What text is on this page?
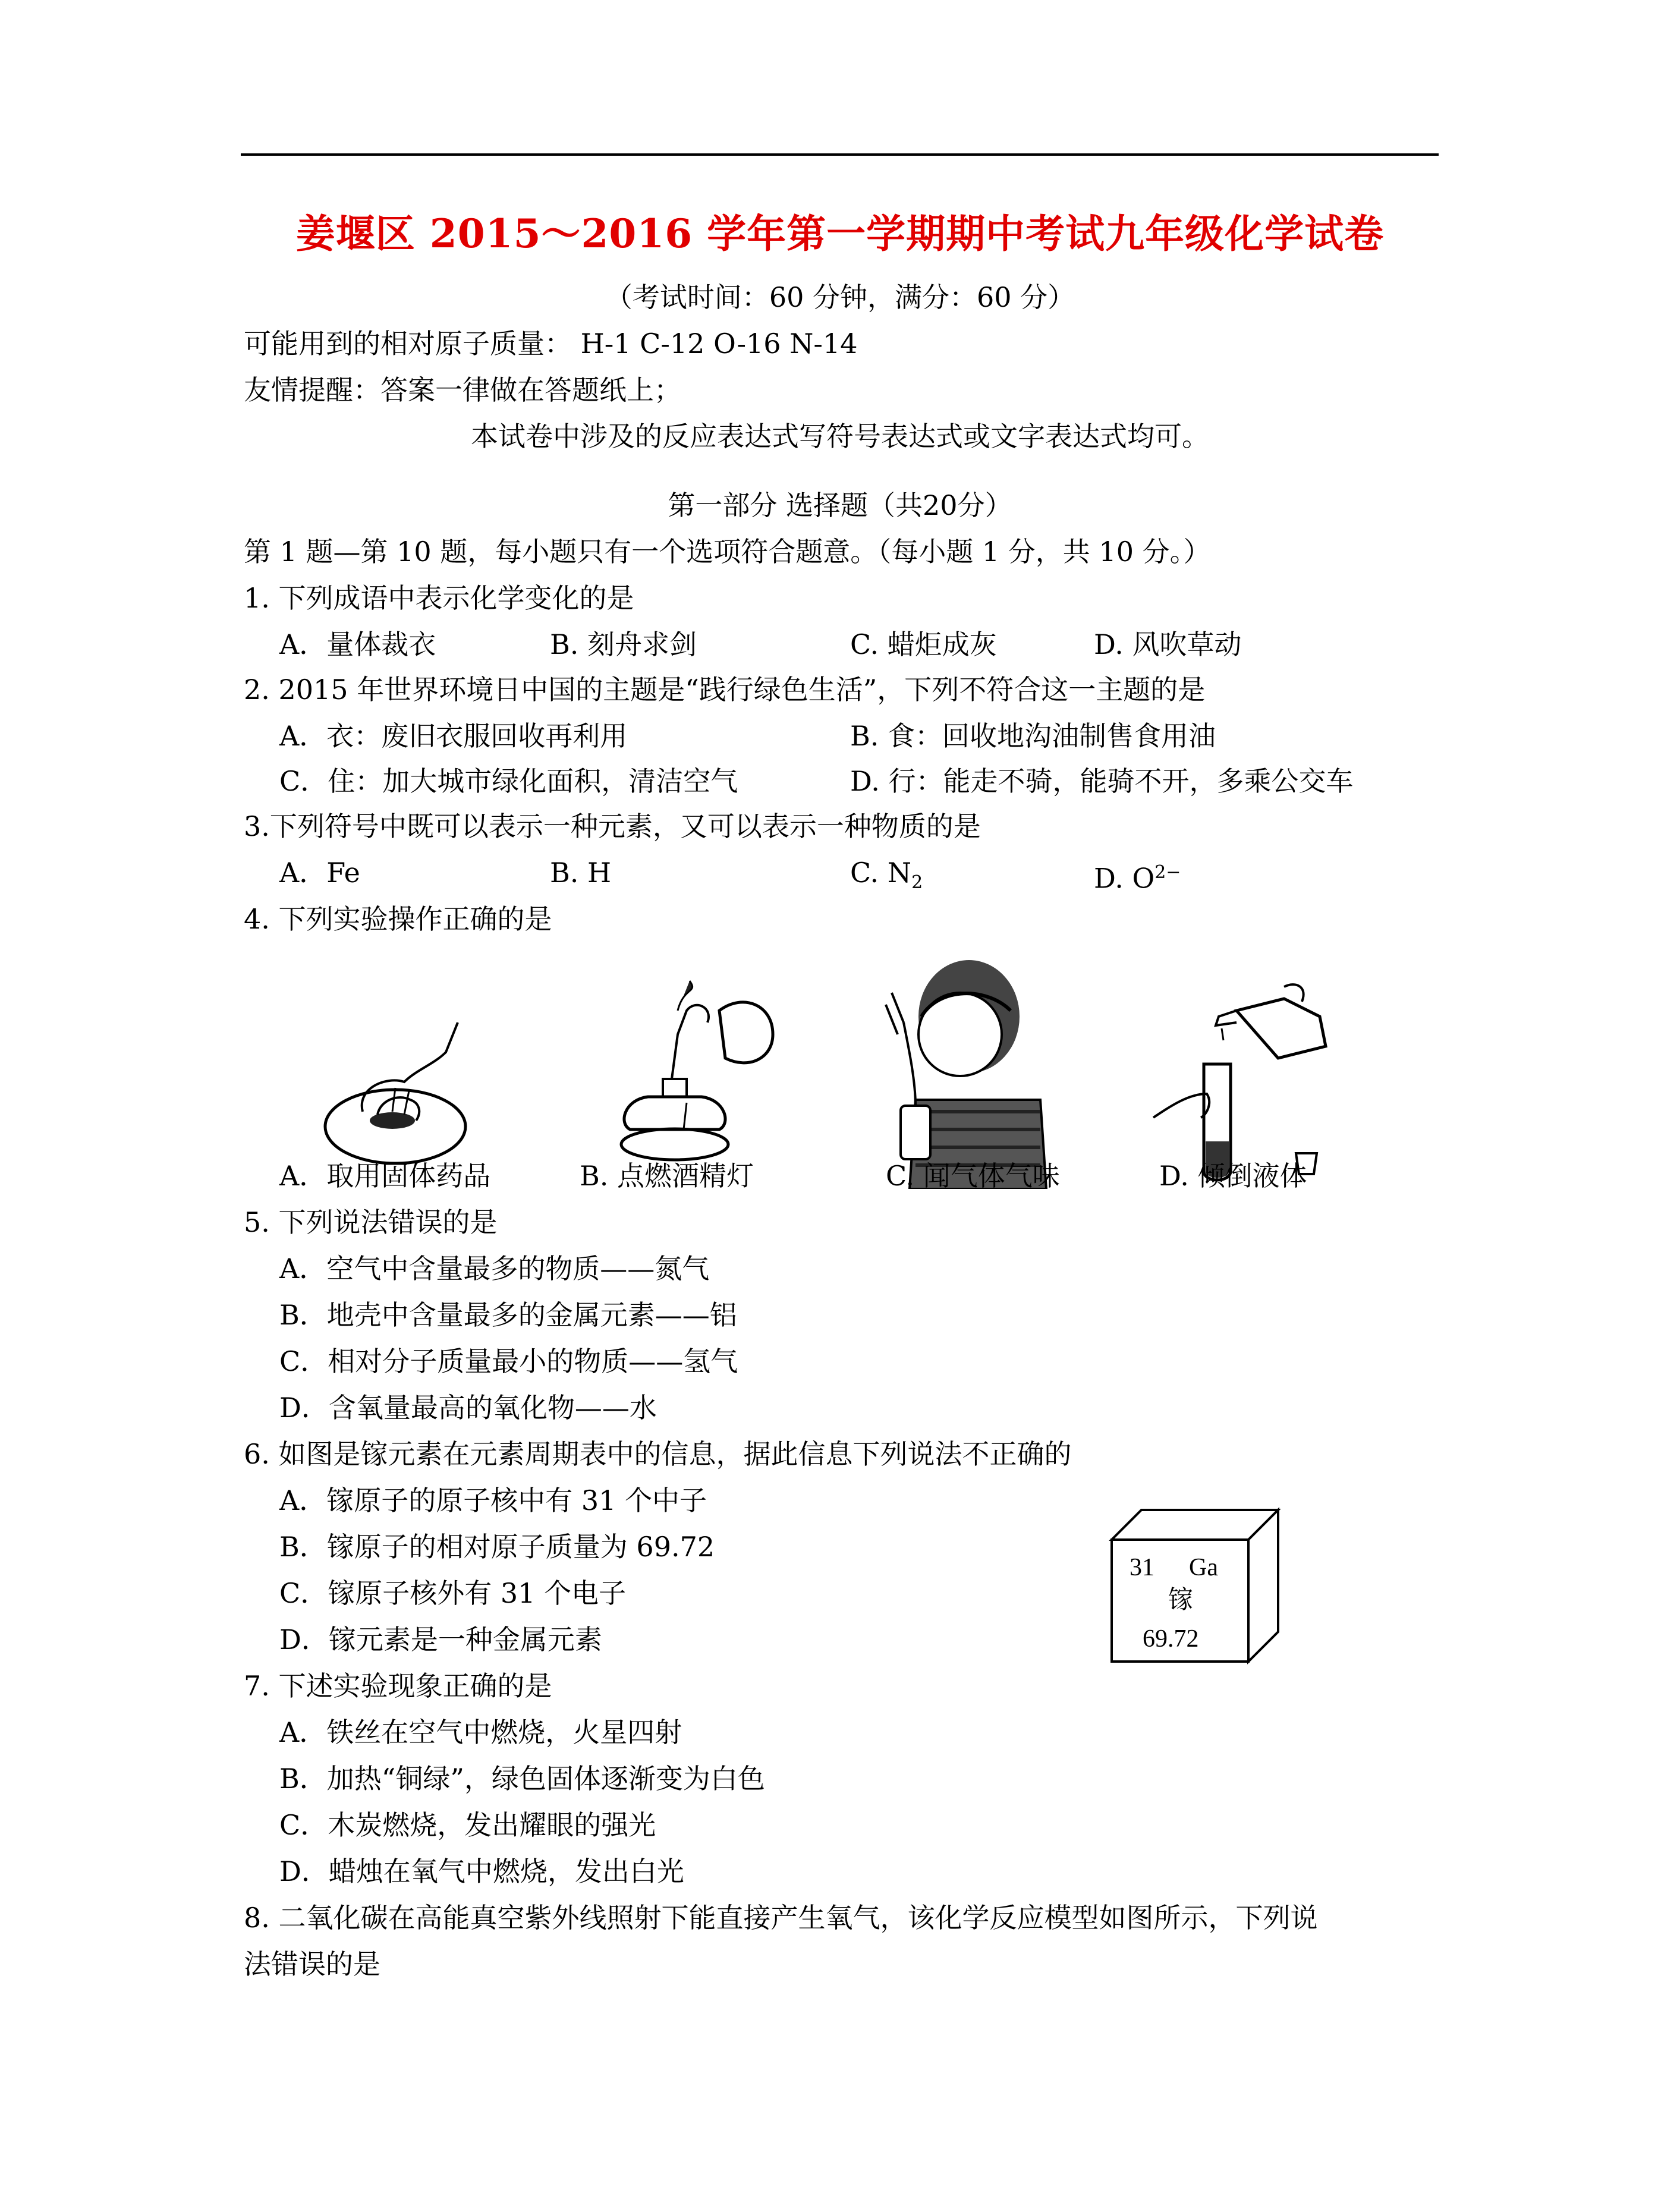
姜堰区 2015～2016 学年第一学期期中考试九年级化学试卷
（考试时间：60 分钟，满分：60 分）
可能用到的相对原子质量： H-1 C-12 O-16 N-14
友情提醒：答案一律做在答题纸上；
本试卷中涉及的反应表达式写符号表达式或文字表达式均可。
第一部分 选择题（共20分）
第 1 题—第 10 题，每小题只有一个选项符合题意。（每小题 1 分，共 10 分。）
1. 下列成语中表示化学变化的是
A．量体裁衣	B. 刻舟求剑	C. 蜡炬成灰	D. 风吹草动
2. 2015 年世界环境日中国的主题是“践行绿色生活”，下列不符合这一主题的是
A．衣：废旧衣服回收再利用	B. 食：回收地沟油制售食用油
C．住：加大城市绿化面积，清洁空气	D. 行：能走不骑，能骑不开，多乘公交车
3.下列符号中既可以表示一种元素，又可以表示一种物质的是
A．Fe	B. H	C. $N_2$	D. $O^{2-}$
4. 下列实验操作正确的是
A．取用固体药品	B. 点燃酒精灯	C. 闻气体气味	D. 倾倒液体
5. 下列说法错误的是
A．空气中含量最多的物质——氮气
B．地壳中含量最多的金属元素——铝
C．相对分子质量最小的物质——氢气
D．含氧量最高的氧化物——水
6. 如图是镓元素在元素周期表中的信息，据此信息下列说法不正确的
A．镓原子的原子核中有 31 个中子
B．镓原子的相对原子质量为 69.72
C．镓原子核外有 31 个电子
D．镓元素是一种金属元素
31 Ga
镓
69.72
7. 下述实验现象正确的是
A．铁丝在空气中燃烧，火星四射
B．加热“铜绿”，绿色固体逐渐变为白色
C．木炭燃烧，发出耀眼的强光
D．蜡烛在氧气中燃烧，发出白光
8. 二氧化碳在高能真空紫外线照射下能直接产生氧气，该化学反应模型如图所示，下列说
法错误的是
